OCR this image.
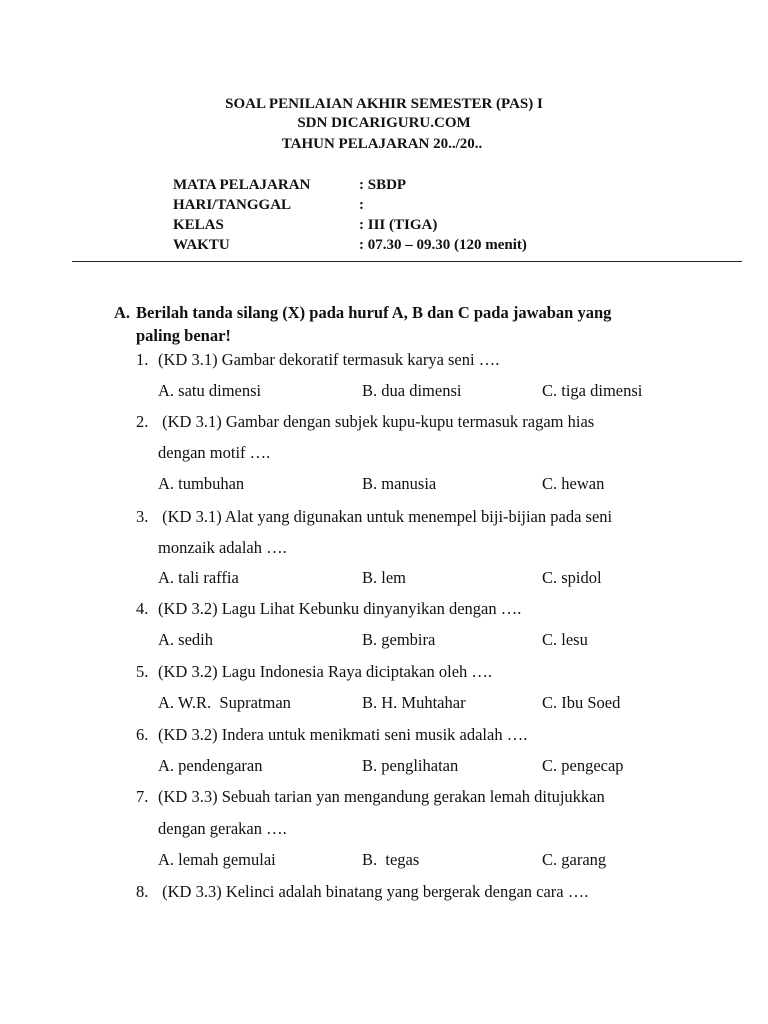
SOAL PENILAIAN AKHIR SEMESTER (PAS) I
SDN DICARIGURU.COM
TAHUN PELAJARAN 20../20..
MATA PELAJARAN	: SBDP
HARI/TANGGAL	:
KELAS	: III (TIGA)
WAKTU	: 07.30 – 09.30 (120 menit)
A. Berilah tanda silang (X) pada huruf A, B dan C pada jawaban yang
paling benar!
1. (KD 3.1) Gambar dekoratif termasuk karya seni ….
A. satu dimensi	B. dua dimensi	C. tiga dimensi
2. (KD 3.1) Gambar dengan subjek kupu-kupu termasuk ragam hias
dengan motif ….
A. tumbuhan	B. manusia	C. hewan
3. (KD 3.1) Alat yang digunakan untuk menempel biji-bijian pada seni
monzaik adalah ….
A. tali raffia	B. lem	C. spidol
4. (KD 3.2) Lagu Lihat Kebunku dinyanyikan dengan ….
A. sedih	B. gembira	C. lesu
5. (KD 3.2) Lagu Indonesia Raya diciptakan oleh ….
A. W.R.  Supratman	B. H. Muhtahar	C. Ibu Soed
6. (KD 3.2) Indera untuk menikmati seni musik adalah ….
A. pendengaran	B. penglihatan	C. pengecap
7. (KD 3.3) Sebuah tarian yan mengandung gerakan lemah ditujukkan
dengan gerakan ….
A. lemah gemulai	B.  tegas	C. garang
8. (KD 3.3) Kelinci adalah binatang yang bergerak dengan cara ….
